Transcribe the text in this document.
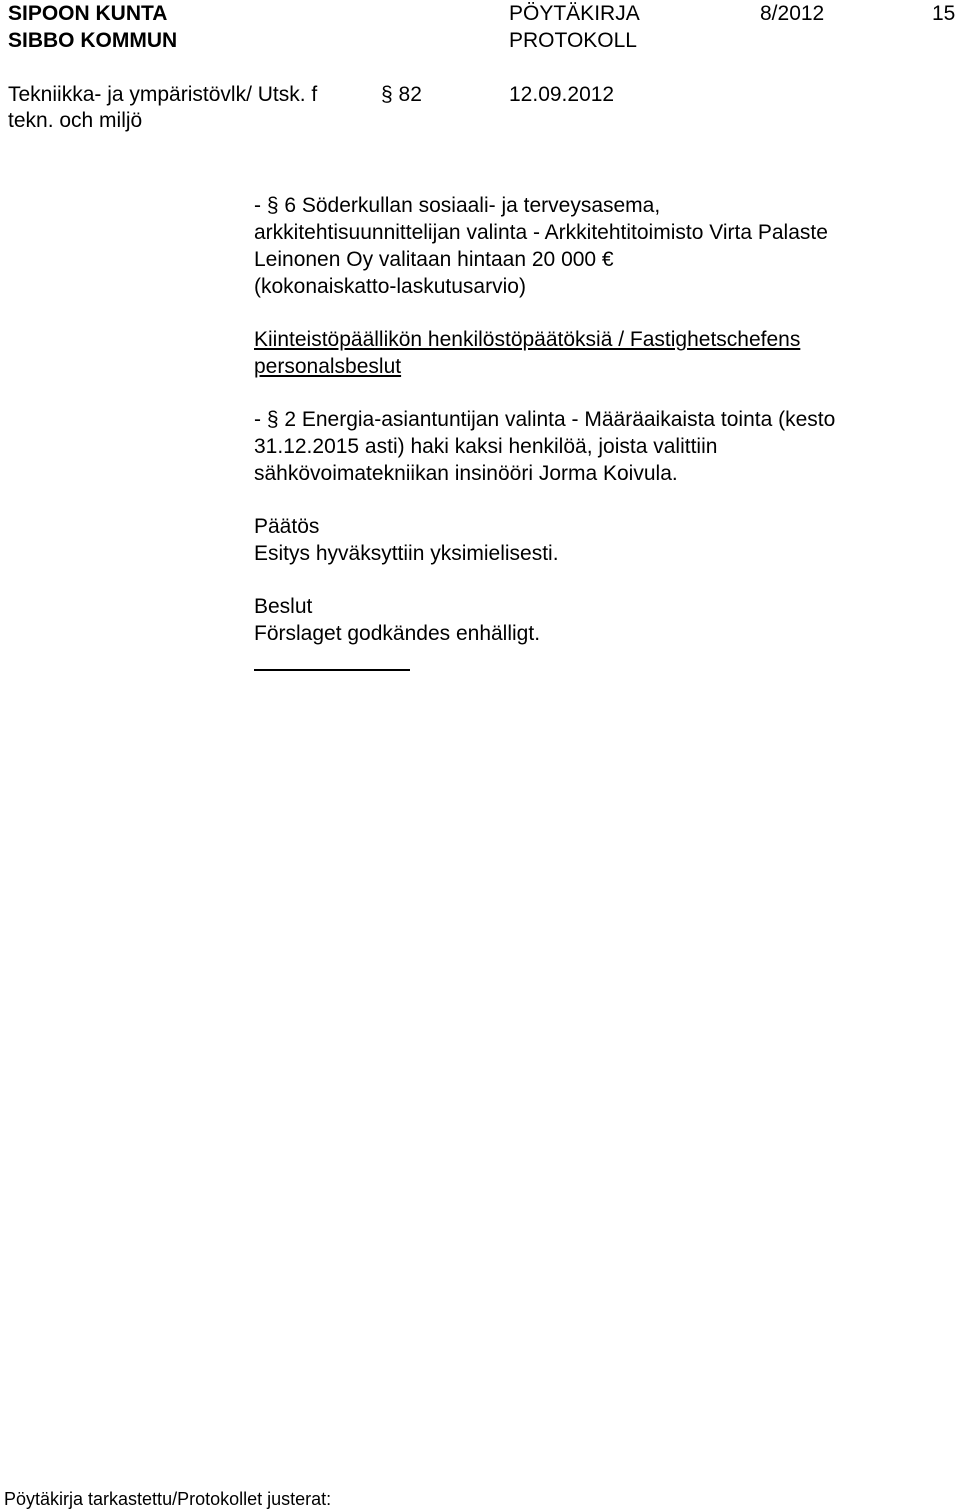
SIPOON KUNTA
SIBBO KOMMUN
PÖYTÄKIRJA
PROTOKOLL
8/2012	15
Tekniikka- ja ympäristövlk/ Utsk. f
tekn. och miljö
§ 82	12.09.2012

- § 6 Söderkullan sosiaali- ja terveysasema,

arkkitehtisuunnittelijan valinta - Arkkitehtitoimisto Virta Palaste

Leinonen Oy valitaan hintaan 20 000 €

(kokonaiskatto-laskutusarvio)

Kiinteistöpäällikön henkilöstöpäätöksiä / Fastighetschefens

personalsbeslut

- § 2 Energia-asiantuntijan valinta - Määräaikaista tointa (kesto

31.12.2015 asti) haki kaksi henkilöä, joista valittiin

sähkövoimatekniikan insinööri Jorma Koivula.

Päätös

Esitys hyväksyttiin yksimielisesti.

Beslut

Förslaget godkändes enhälligt.

Pöytäkirja tarkastettu/Protokollet justerat:
